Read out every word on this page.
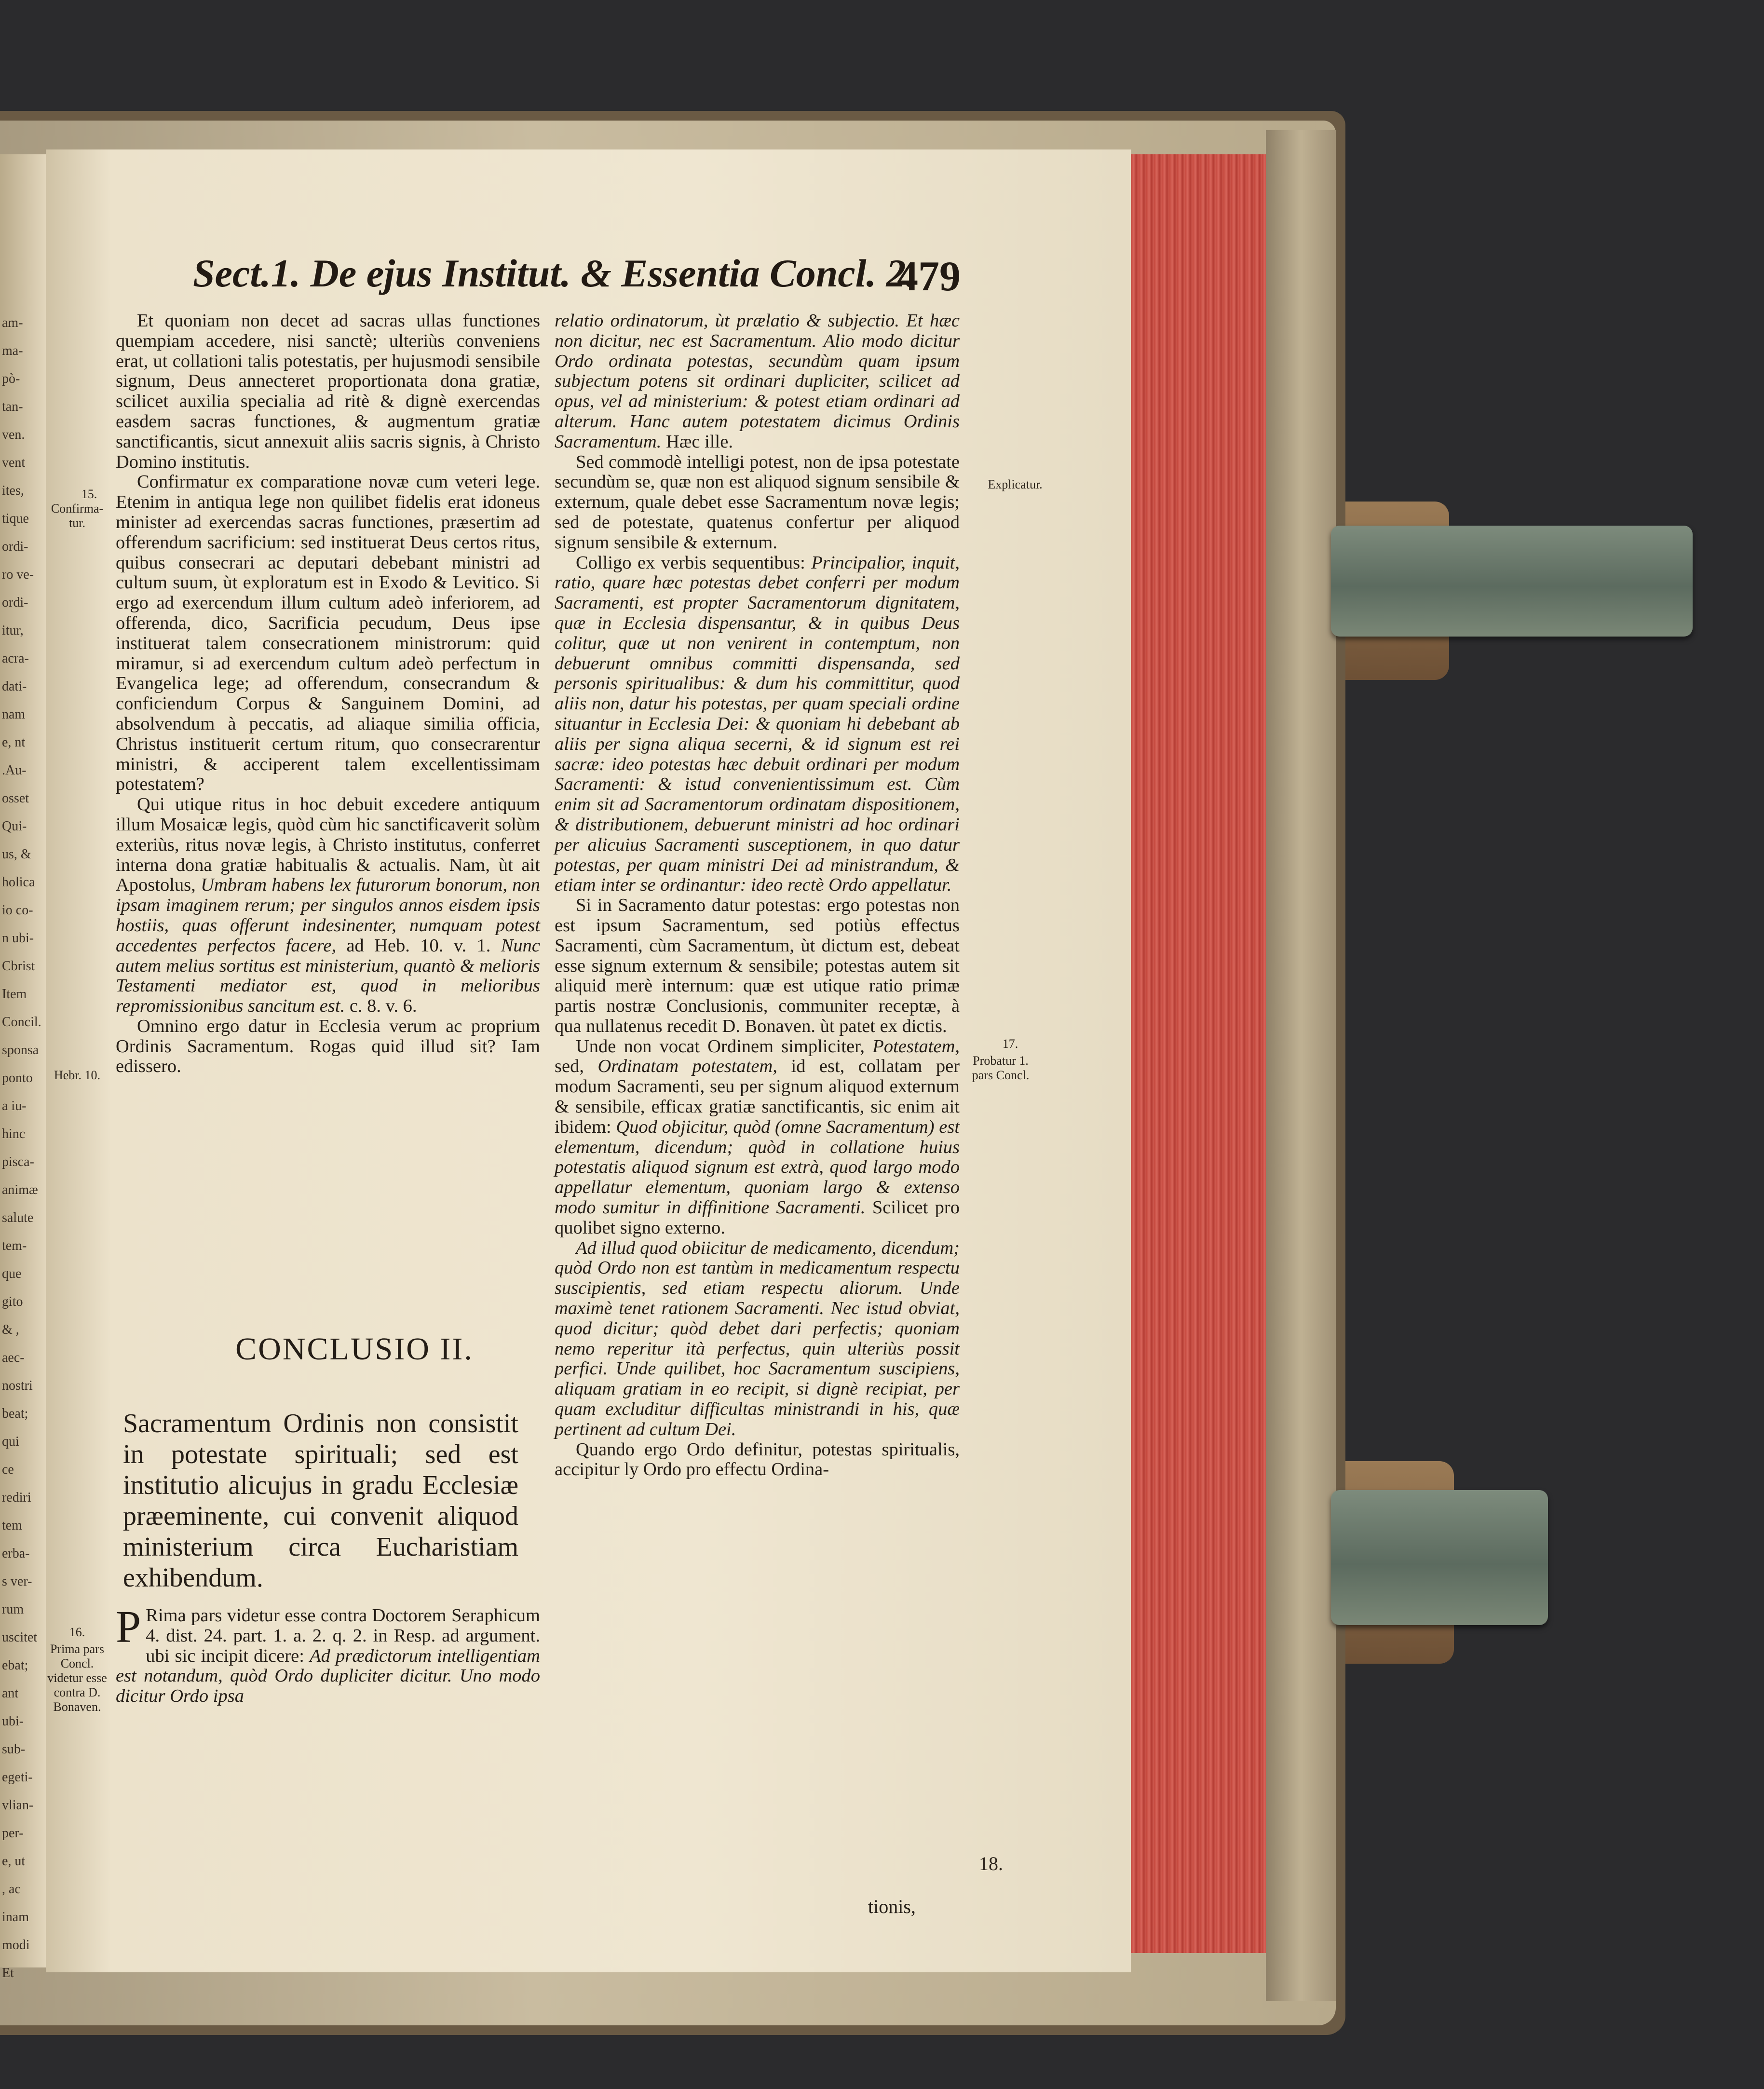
am-
ma-
pò-
tan-
ven.
vent
ites,
tique
ordi-
ro ve-
ordi-
itur,
acra-
dati-
nam
e, nt
.Au-
osset
Qui-
us, &
holica
io co-
n ubi-
Cbrist
Item
Concil.
sponsa
ponto
a iu-
hinc
pisca-
animæ
salute
tem-
que
gito
& ,
aec-
nostri
beat;
qui
ce
rediri
tem
erba-
s ver-
rum
uscitet
ebat;
ant
ubi-
sub-
egeti-
vlian-
per-
e, ut
, ac
inam
modi
Et
Sect.1. De ejus Institut. & Essentia Concl. 2.
479

Et quoniam non decet ad sacras ullas functiones quempiam accedere, nisi sanctè; ulteriùs conveniens erat, ut collationi talis potestatis, per hujusmodi sensibile signum, Deus annecteret proportionata dona gratiæ, scilicet auxilia specialia ad ritè & dignè exercendas easdem sacras functiones, & augmentum gratiæ sanctificantis, sicut annexuit aliis sacris signis, à Christo Domino institutis.

Confirmatur ex comparatione novæ cum veteri lege. Etenim in antiqua lege non quilibet fidelis erat idoneus minister ad exercendas sacras functiones, præsertim ad offerendum sacrificium: sed instituerat Deus certos ritus, quibus consecrari ac deputari debebant ministri ad cultum suum, ùt exploratum est in Exodo & Levitico. Si ergo ad exercendum illum cultum adeò inferiorem, ad offerenda, dico, Sacrificia pecudum, Deus ipse instituerat talem consecrationem ministrorum: quid miramur, si ad exercendum cultum adeò perfectum in Evangelica lege; ad offerendum, consecrandum & conficiendum Corpus & Sanguinem Domini, ad absolvendum à peccatis, ad aliaque similia officia, Christus instituerit certum ritum, quo consecrarentur ministri, & acciperent talem excellentissimam potestatem?

Qui utique ritus in hoc debuit excedere antiquum illum Mosaicæ legis, quòd cùm hic sanctificaverit solùm exteriùs, ritus novæ legis, à Christo institutus, conferret interna dona gratiæ habitualis & actualis. Nam, ùt ait Apostolus, Umbram habens lex futurorum bonorum, non ipsam imaginem rerum; per singulos annos eisdem ipsis hostiis, quas offerunt indesinenter, numquam potest accedentes perfectos facere, ad Heb. 10. v. 1. Nunc autem melius sortitus est ministerium, quantò & melioris Testamenti mediator est, quod in melioribus repromissionibus sancitum est. c. 8. v. 6.

Omnino ergo datur in Ecclesia verum ac proprium Ordinis Sacramentum. Rogas quid illud sit? Iam edissero.

CONCLUSIO II.
Sacramentum Ordinis non consistit in potestate spirituali; sed est institutio alicujus in gradu Ecclesiæ præeminente, cui convenit aliquod ministerium circa Eucharistiam exhibendum.

P Rima pars videtur esse contra Doctorem Seraphicum 4. dist. 24. part. 1. a. 2. q. 2. in Resp. ad argument. ubi sic incipit dicere: Ad prædictorum intelligentiam est notandum, quòd Ordo dupliciter dicitur. Uno modo dicitur Ordo ipsa

relatio ordinatorum, ùt prælatio & subjectio. Et hæc non dicitur, nec est Sacramentum. Alio modo dicitur Ordo ordinata potestas, secundùm quam ipsum subjectum potens sit ordinari dupliciter, scilicet ad opus, vel ad ministerium: & potest etiam ordinari ad alterum. Hanc autem potestatem dicimus Ordinis Sacramentum. Hæc ille.

Sed commodè intelligi potest, non de ipsa potestate secundùm se, quæ non est aliquod signum sensibile & externum, quale debet esse Sacramentum novæ legis; sed de potestate, quatenus confertur per aliquod signum sensibile & externum.

Colligo ex verbis sequentibus: Principalior, inquit, ratio, quare hæc potestas debet conferri per modum Sacramenti, est propter Sacramentorum dignitatem, quæ in Ecclesia dispensantur, & in quibus Deus colitur, quæ ut non venirent in contemptum, non debuerunt omnibus committi dispensanda, sed personis spiritualibus: & dum his committitur, quod aliis non, datur his potestas, per quam speciali ordine situantur in Ecclesia Dei: & quoniam hi debebant ab aliis per signa aliqua secerni, & id signum est rei sacræ: ideo potestas hæc debuit ordinari per modum Sacramenti: & istud convenientissimum est. Cùm enim sit ad Sacramentorum ordinatam dispositionem, & distributionem, debuerunt ministri ad hoc ordinari per alicuius Sacramenti susceptionem, in quo datur potestas, per quam ministri Dei ad ministrandum, & etiam inter se ordinantur: ideo rectè Ordo appellatur.

Si in Sacramento datur potestas: ergo potestas non est ipsum Sacramentum, sed potiùs effectus Sacramenti, cùm Sacramentum, ùt dictum est, debeat esse signum externum & sensibile; potestas autem sit aliquid merè internum: quæ est utique ratio primæ partis nostræ Conclusionis, communiter receptæ, à qua nullatenus recedit D. Bonaven. ùt patet ex dictis.

Unde non vocat Ordinem simpliciter, Potestatem, sed, Ordinatam potestatem, id est, collatam per modum Sacramenti, seu per signum aliquod externum & sensibile, efficax gratiæ sanctificantis, sic enim ait ibidem: Quod objicitur, quòd (omne Sacramentum) est elementum, dicendum; quòd in collatione huius potestatis aliquod signum est extrà, quod largo modo appellatur elementum, quoniam largo & extenso modo sumitur in diffinitione Sacramenti. Scilicet pro quolibet signo externo.

Ad illud quod obiicitur de medicamento, dicendum; quòd Ordo non est tantùm in medicamentum respectu suscipientis, sed etiam respectu aliorum. Unde maximè tenet rationem Sacramenti. Nec istud obviat, quod dicitur; quòd debet dari perfectis; quoniam nemo reperitur ità perfectus, quin ulteriùs possit perfici. Unde quilibet, hoc Sacramentum suscipiens, aliquam gratiam in eo recipit, si dignè recipiat, per quam excluditur difficultas ministrandi in his, quæ pertinent ad cultum Dei.

Quando ergo Ordo definitur, potestas spiritualis, accipitur ly Ordo pro effectu Ordina-

tionis,
15.
Confirma-tur.
Hebr. 10.
16.
Prima pars Concl. videtur esse contra D. Bonaven.
Explicatur.
17.
Probatur 1. pars Concl.
18.
